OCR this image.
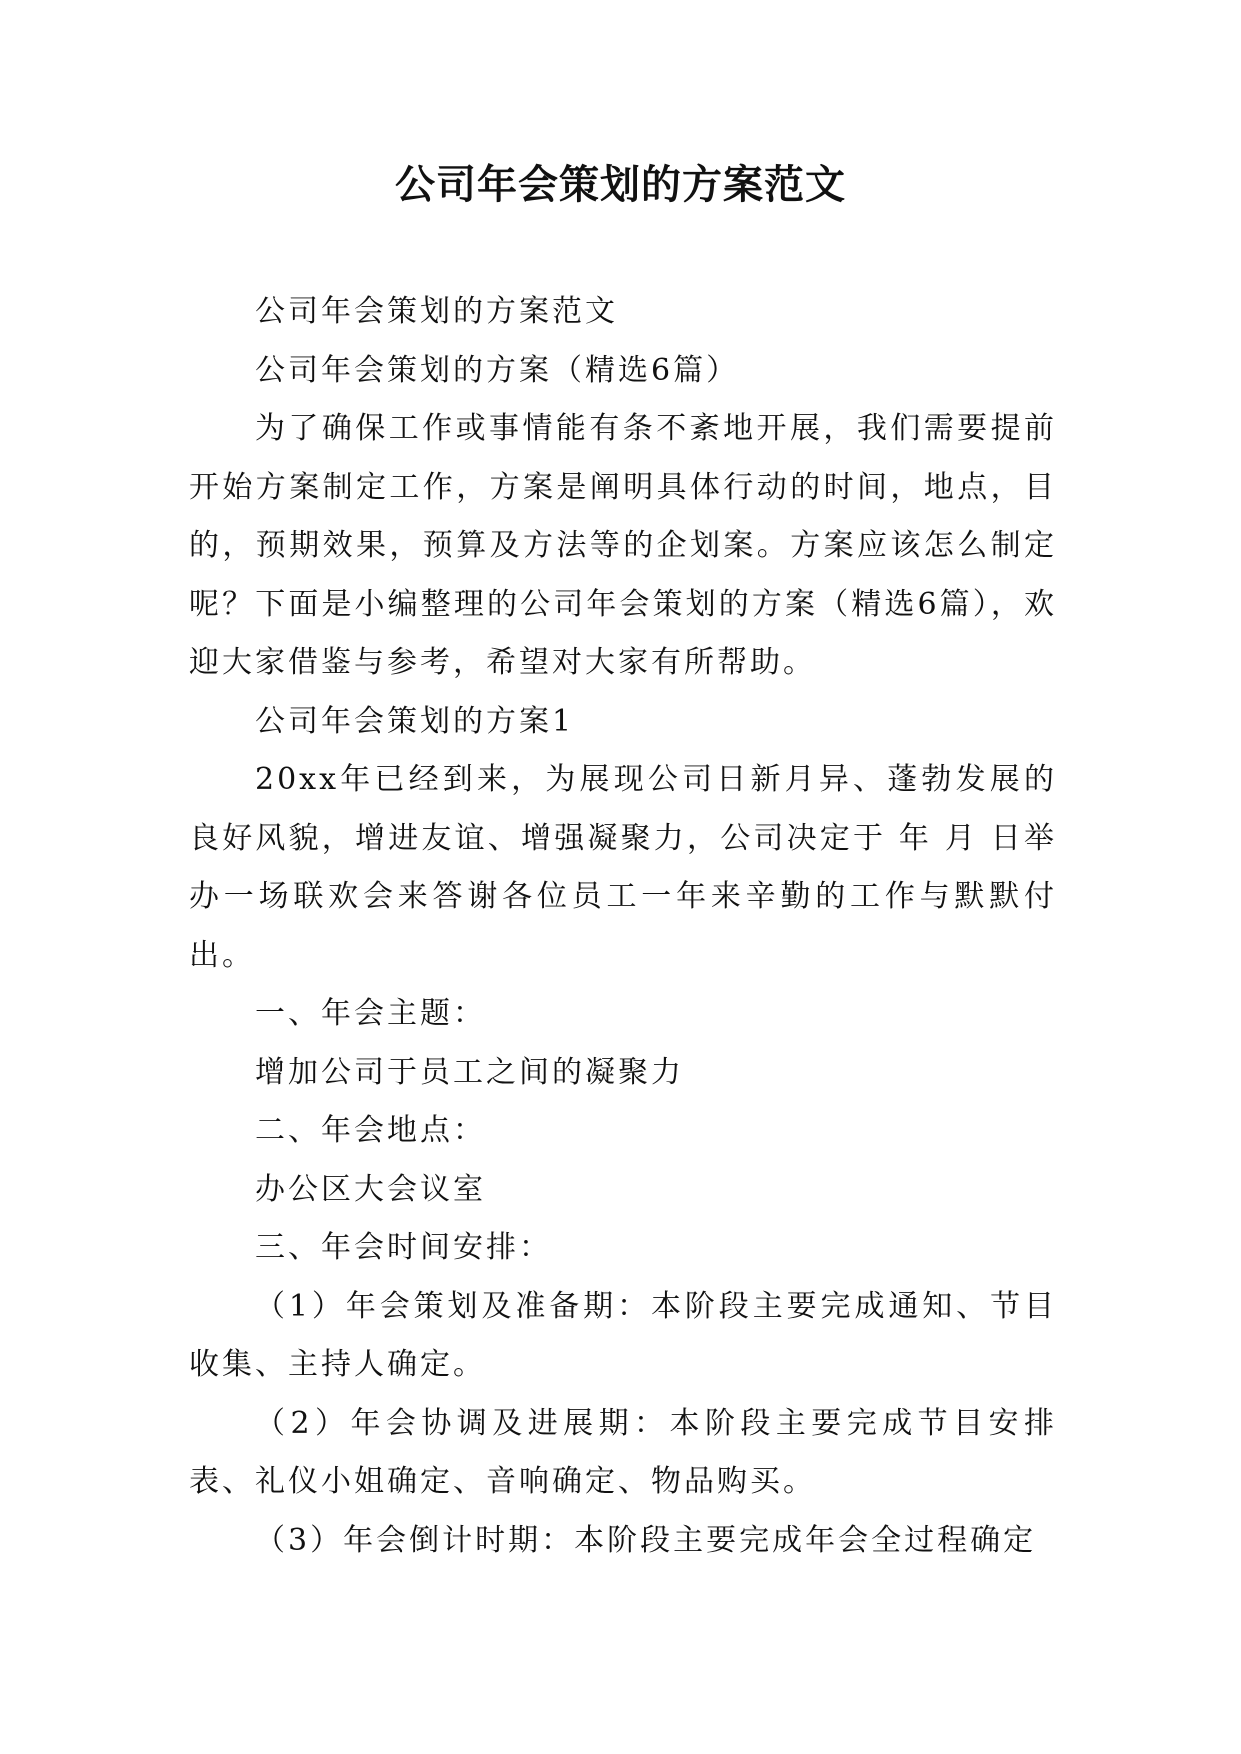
公司年会策划的方案范文

公司年会策划的方案范文

公司年会策划的方案（精选6篇）

为了确保工作或事情能有条不紊地开展，我们需要提前开始方案制定工作，方案是阐明具体行动的时间，地点，目的，预期效果，预算及方法等的企划案。方案应该怎么制定呢？下面是小编整理的公司年会策划的方案（精选6篇），欢迎大家借鉴与参考，希望对大家有所帮助。

公司年会策划的方案1

20xx年已经到来，为展现公司日新月异、蓬勃发展的良好风貌，增进友谊、增强凝聚力，公司决定于 年 月 日举办一场联欢会来答谢各位员工一年来辛勤的工作与默默付出。

一、年会主题：

增加公司于员工之间的凝聚力

二、年会地点：

办公区大会议室

三、年会时间安排：

（1）年会策划及准备期：本阶段主要完成通知、节目收集、主持人确定。

（2）年会协调及进展期：本阶段主要完成节目安排表、礼仪小姐确定、音响确定、物品购买。

（3）年会倒计时期：本阶段主要完成年会全过程确定
